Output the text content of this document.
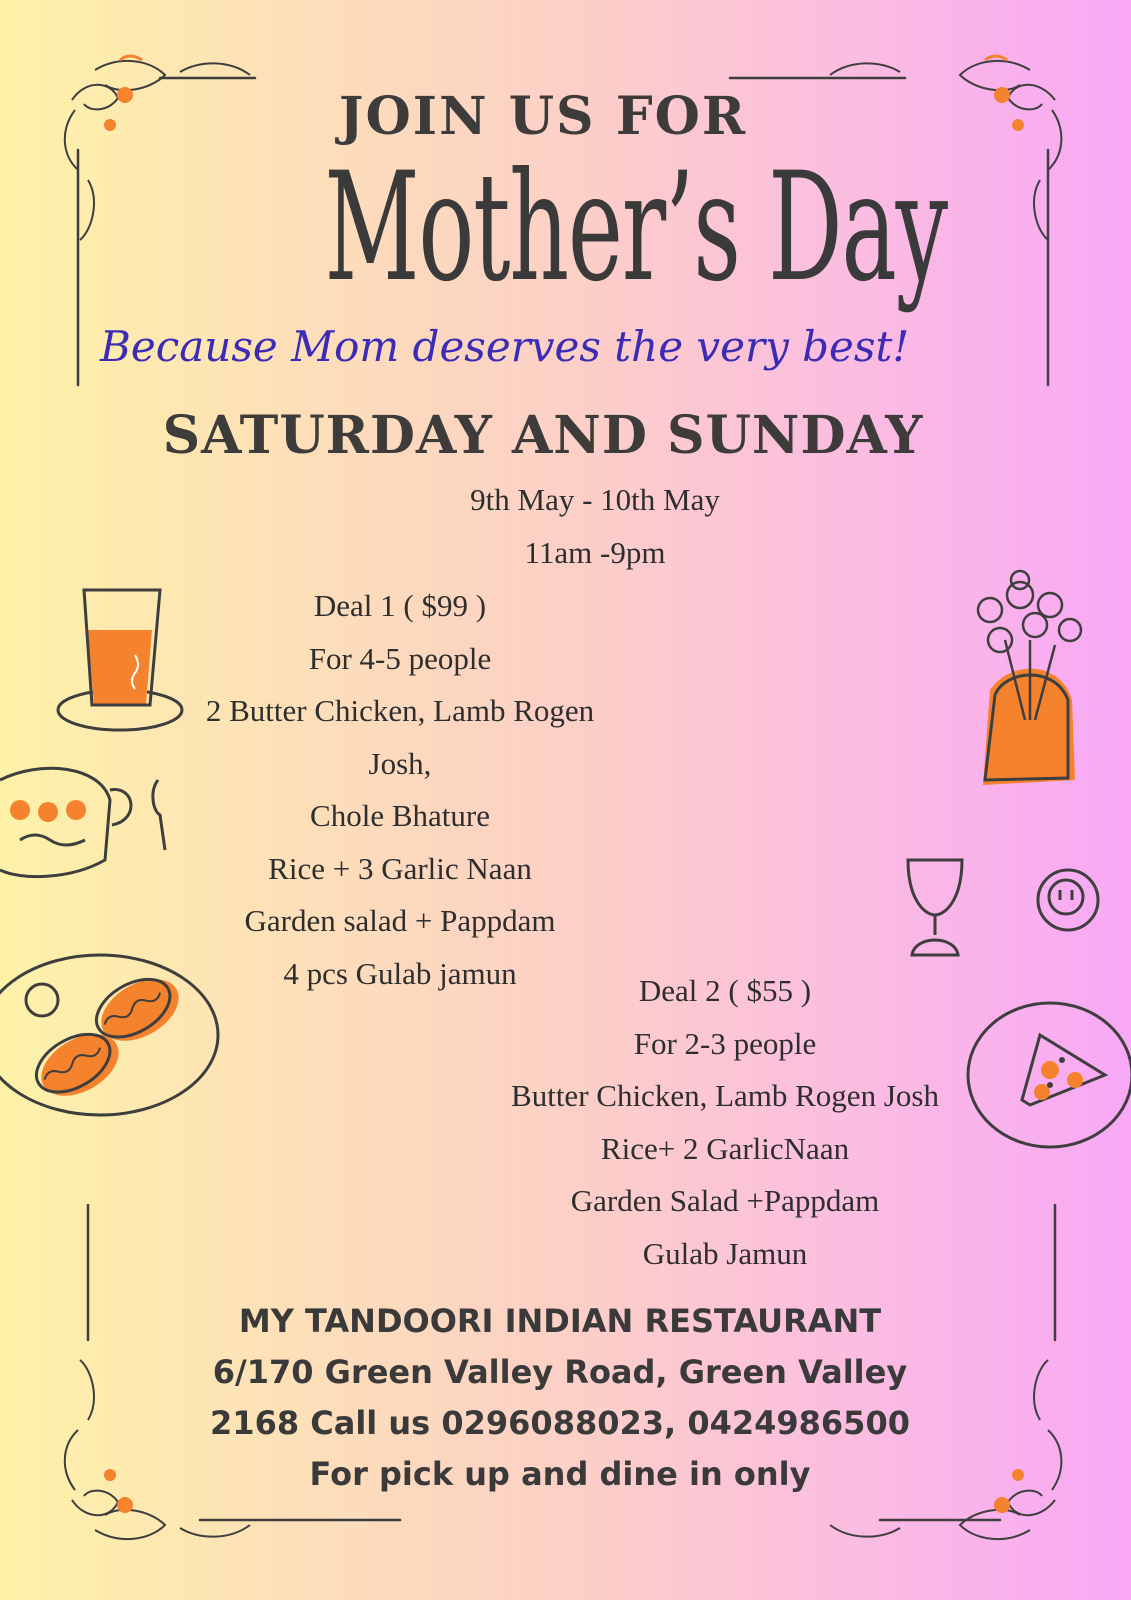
JOIN US FOR

Mother’s Day

Because Mom deserves the very best!

SATURDAY AND SUNDAY

9th May - 10th May

11am -9pm

Deal 1 ( $99 )
For 4-5 people
2 Butter Chicken, Lamb Rogen
Josh,
Chole Bhature
Rice + 3 Garlic Naan
Garden salad + Pappdam
4 pcs Gulab jamun	Deal 2 ( $55 )
For 2-3 people
Butter Chicken, Lamb Rogen Josh
Rice+ 2 GarlicNaan
Garden Salad +Pappdam
Gulab Jamun
MY TANDOORI INDIAN RESTAURANT
6/170 Green Valley Road, Green Valley
2168 Call us 0296088023, 0424986500
For pick up and dine in only
